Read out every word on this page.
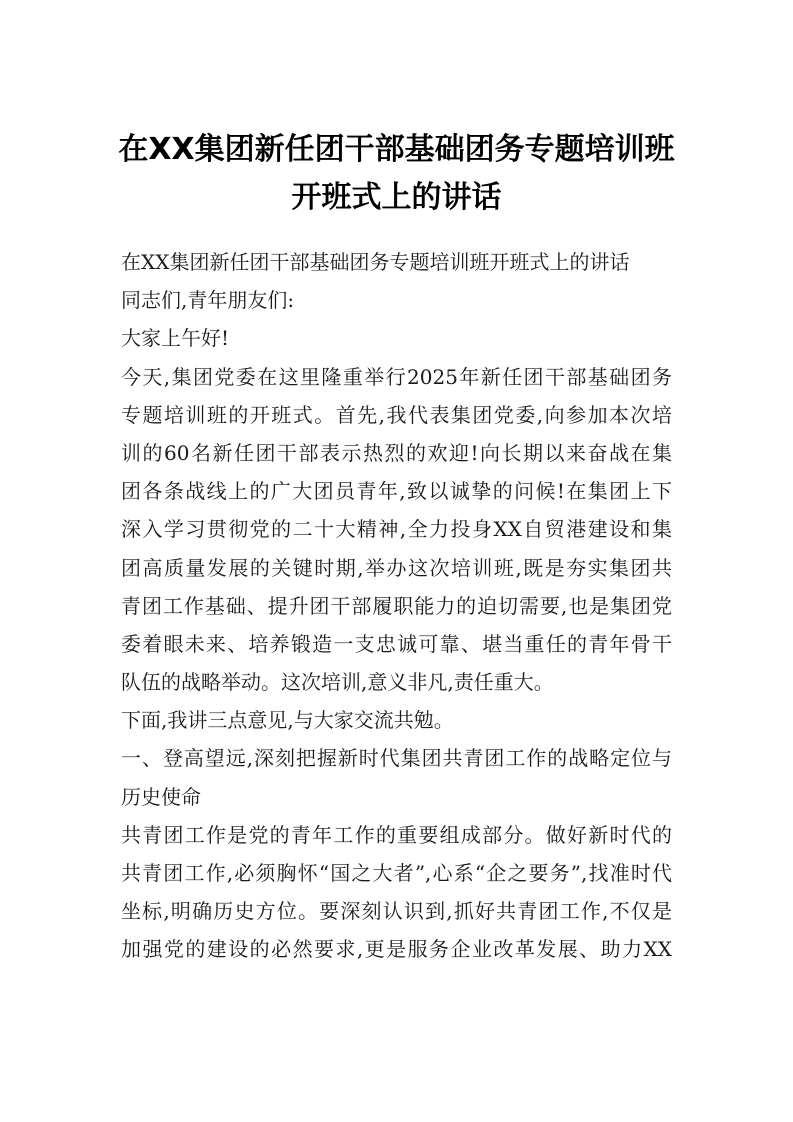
在XX集团新任团干部基础团务专题培训班
开班式上的讲话
在XX集团新任团干部基础团务专题培训班开班式上的讲话
同志们,青年朋友们:
大家上午好!
今天,集团党委在这里隆重举行2025年新任团干部基础团务
专题培训班的开班式。首先,我代表集团党委,向参加本次培
训的60名新任团干部表示热烈的欢迎!向长期以来奋战在集
团各条战线上的广大团员青年,致以诚挚的问候!在集团上下
深入学习贯彻党的二十大精神,全力投身XX自贸港建设和集
团高质量发展的关键时期,举办这次培训班,既是夯实集团共
青团工作基础、提升团干部履职能力的迫切需要,也是集团党
委着眼未来、培养锻造一支忠诚可靠、堪当重任的青年骨干
队伍的战略举动。这次培训,意义非凡,责任重大。
下面,我讲三点意见,与大家交流共勉。
一、登高望远,深刻把握新时代集团共青团工作的战略定位与
历史使命
共青团工作是党的青年工作的重要组成部分。做好新时代的
共青团工作,必须胸怀“国之大者”,心系“企之要务”,找准时代
坐标,明确历史方位。要深刻认识到,抓好共青团工作,不仅是
加强党的建设的必然要求,更是服务企业改革发展、助力XX
